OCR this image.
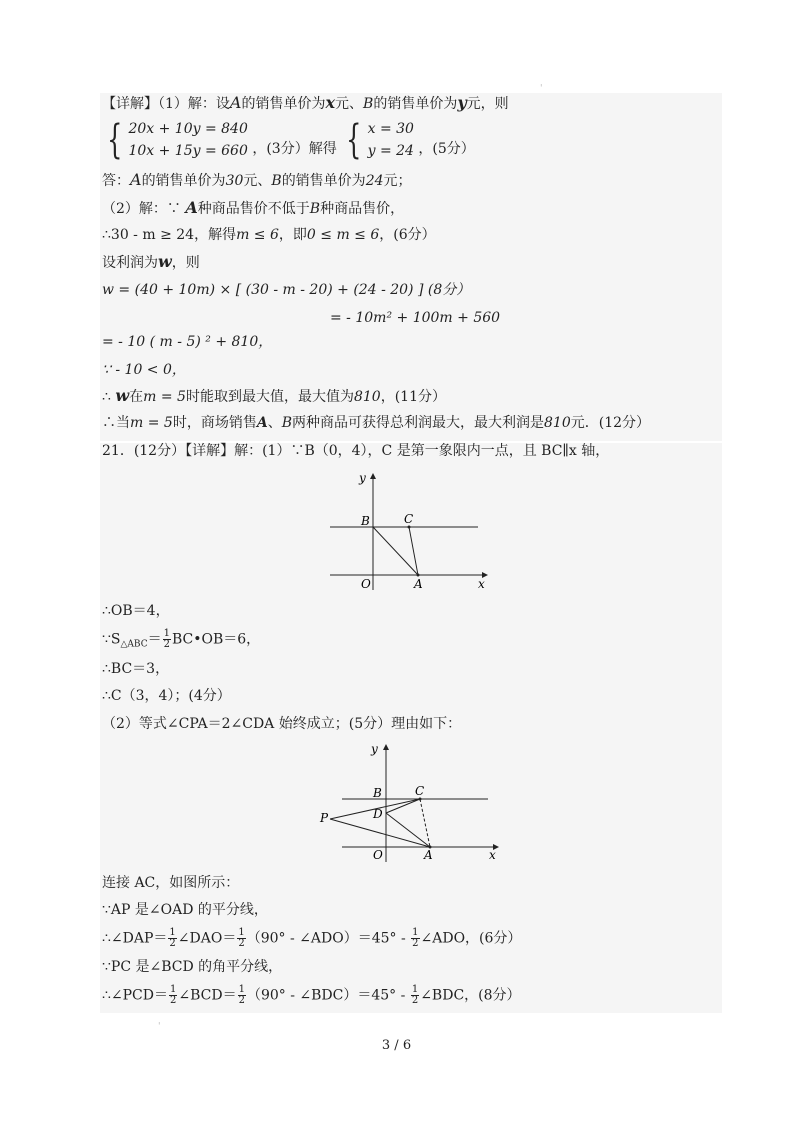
'
'
【详解】（1）解：设A的销售单价为x元、B的销售单价为y元，则
{ 20x + 10y = 840
10x + 15y = 660 ，(3分）解得 { x = 30
y = 24 ，(5分）
答：A的销售单价为30元、B的销售单价为24元；
（2）解：∵ A种商品售价不低于B种商品售价，
∴30 - m ≥ 24，解得m ≤ 6，即0 ≤ m ≤ 6，(6分）
设利润为w，则
w = (40 + 10m) × [ (30 - m - 20) + (24 - 20) ] (8分）
= - 10m² + 100m + 560
= - 10 ( m - 5) ² + 810，
∵ - 10 < 0，
∴ w在m = 5时能取到最大值，最大值为810，(11分）
∴当m = 5时，商场销售A、B两种商品可获得总利润最大，最大利润是810元．(12分）
21．(12分）【详解】解：(1）∵B（0，4），C 是第一象限内一点，且 BC∥x 轴，
y
x
B	C
O	A
∴OB＝4，
$\because S_{\triangle ABC}= \frac{1}{2}$ BC•OB＝6，
∴BC＝3，
∴C（3，4）；(4分）
（2）等式∠CPA＝2∠CDA 始终成立；(5分）理由如下：
y
x
B	C
O	A
P	D
连接 AC，如图所示：
∵AP 是∠OAD 的平分线，
∴∠DAP＝ $\frac{1}{2}$ ∠DAO＝ $\frac{1}{2} (90^\circ$ - ∠ADO）＝45° - $\frac{1}{2}$ ∠ADO，(6分）
∵PC 是∠BCD 的角平分线，
∴∠PCD＝ $\frac{1}{2}$ ∠BCD＝ $\frac{1}{2} (90^\circ$ - ∠BDC）＝45° - $\frac{1}{2}$ ∠BDC，(8分）
3 / 6
